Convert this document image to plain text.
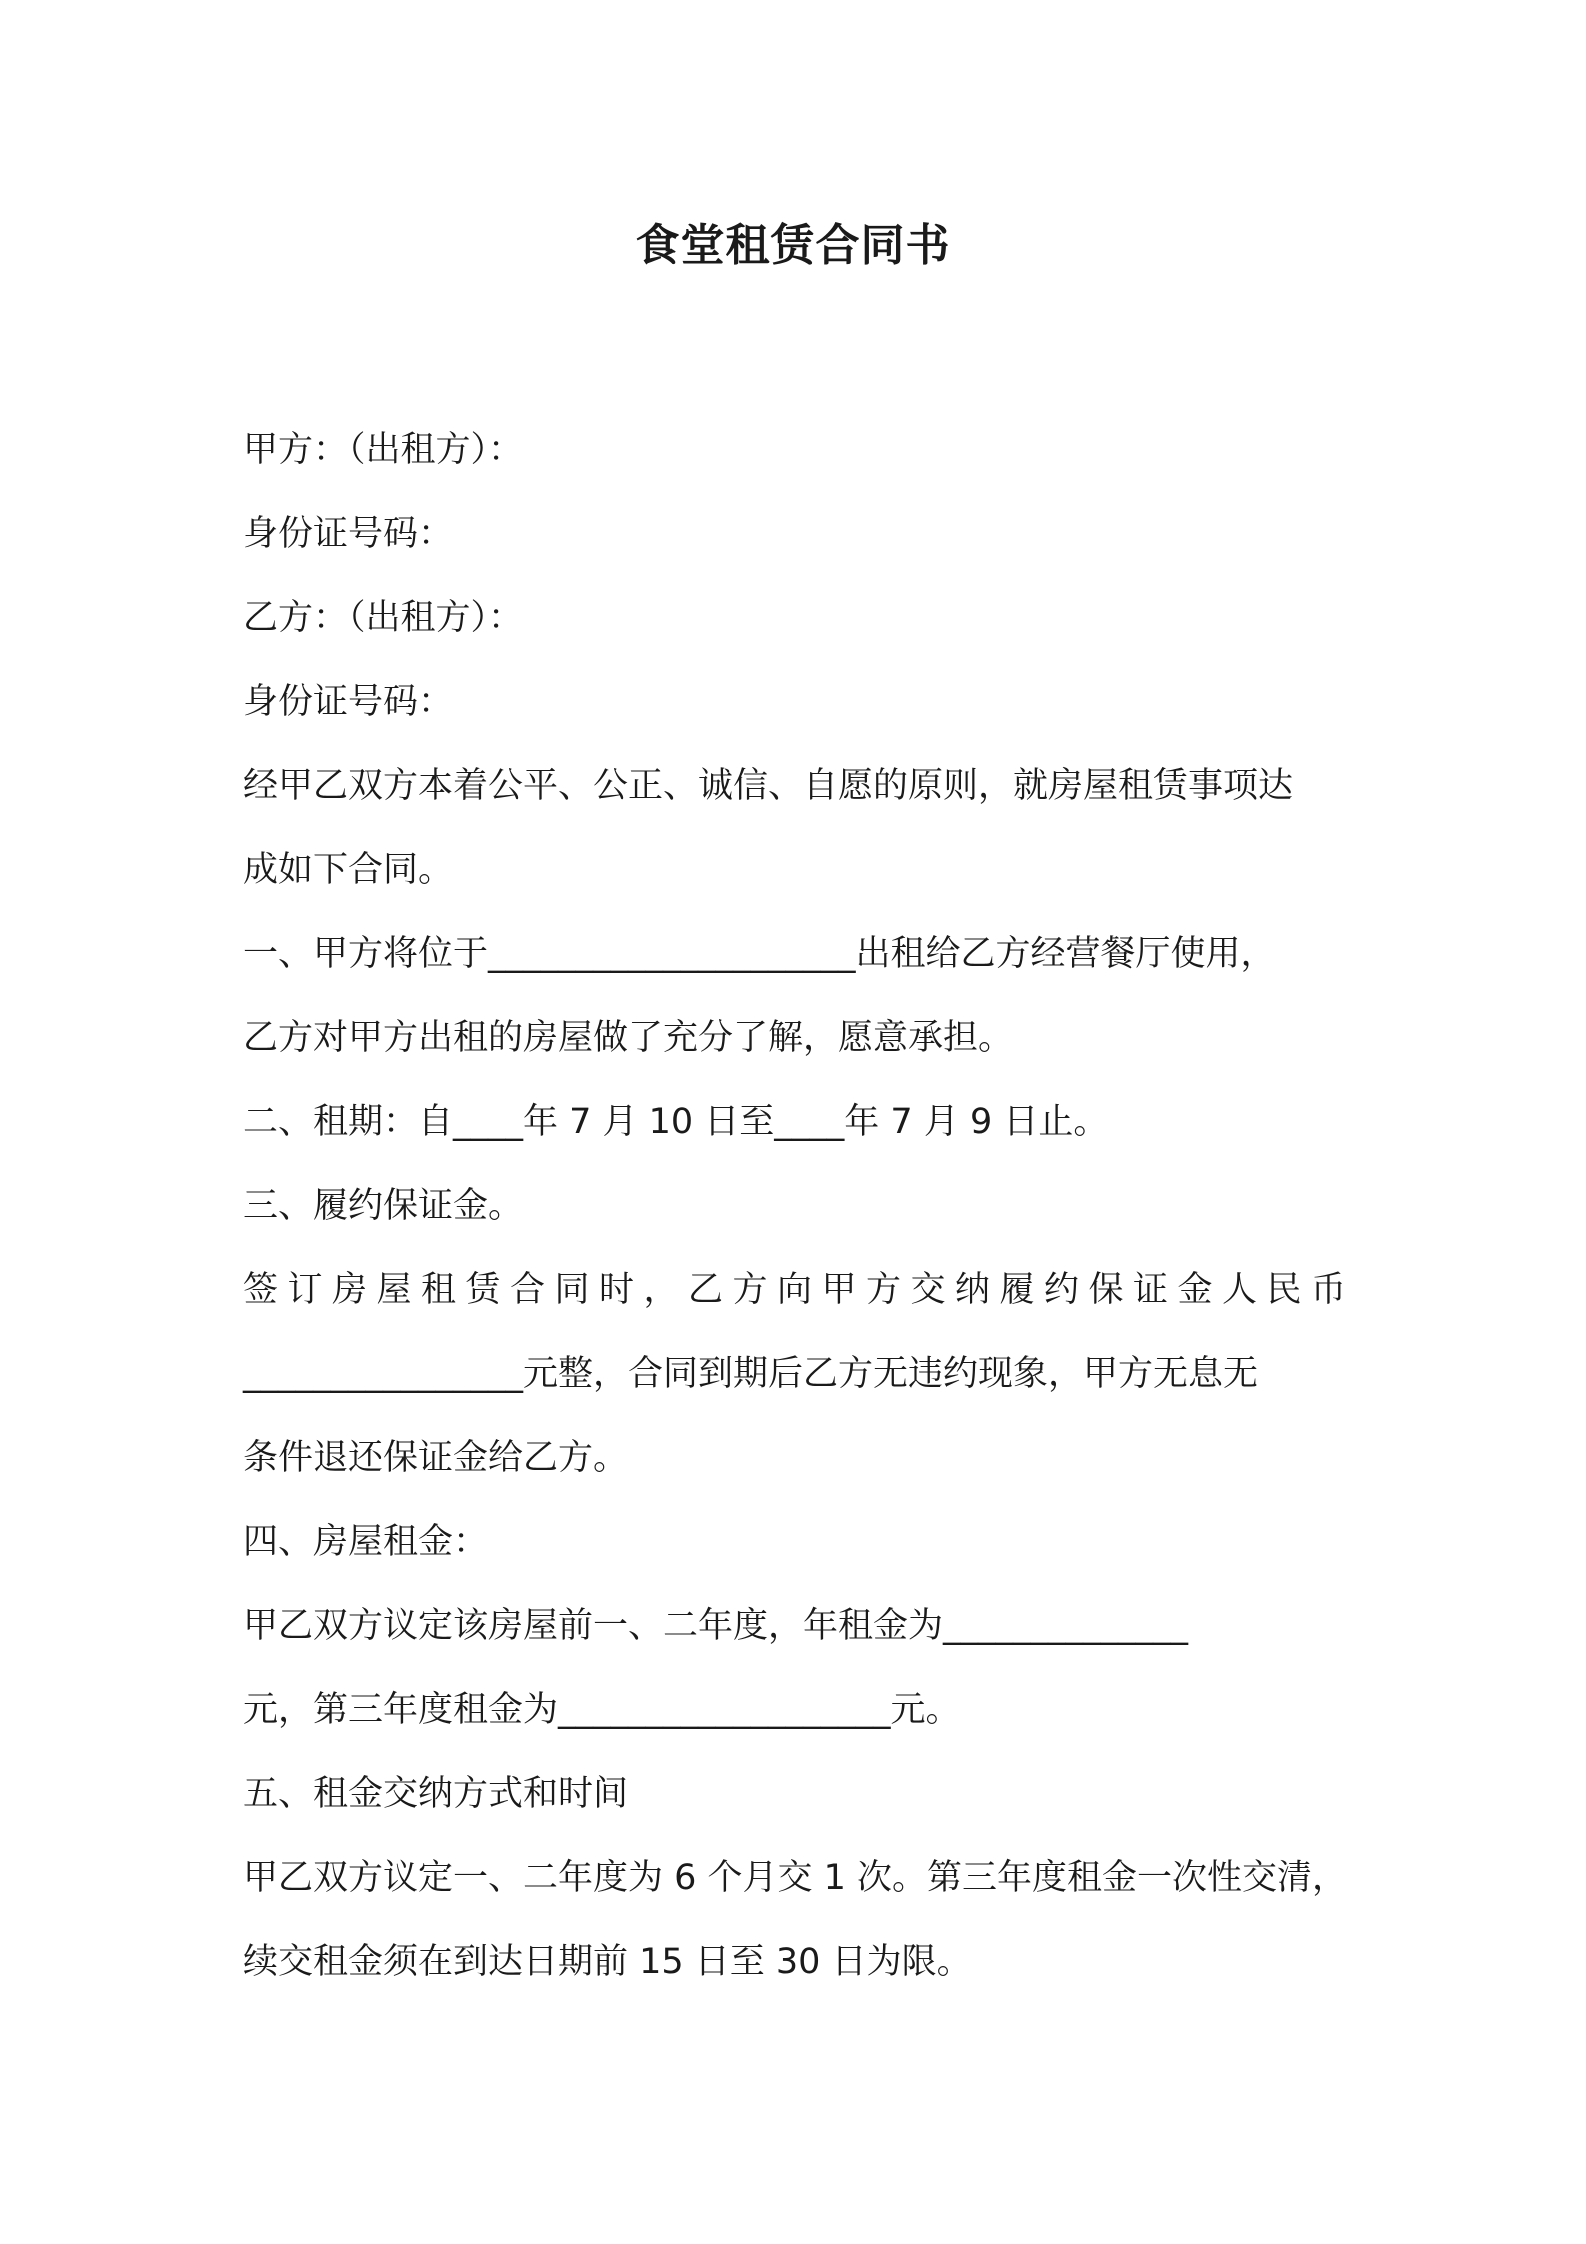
食堂租赁合同书
甲方：（出租方）：
身份证号码：
乙方：（出租方）：
身份证号码：
经甲乙双方本着公平、公正、诚信、自愿的原则，就房屋租赁事项达
成如下合同。
一、甲方将位于_____________________出租给乙方经营餐厅使用，
乙方对甲方出租的房屋做了充分了解，愿意承担。
二、租期：自____年 7 月 10 日至____年 7 月 9 日止。
三、履约保证金。
签订房屋租赁合同时，乙方向甲方交纳履约保证金人民币
________________元整，合同到期后乙方无违约现象，甲方无息无
条件退还保证金给乙方。
四、房屋租金：
甲乙双方议定该房屋前一、二年度，年租金为______________
元，第三年度租金为___________________元。
五、租金交纳方式和时间
甲乙双方议定一、二年度为 6 个月交 1 次。第三年度租金一次性交清，
续交租金须在到达日期前 15 日至 30 日为限。
